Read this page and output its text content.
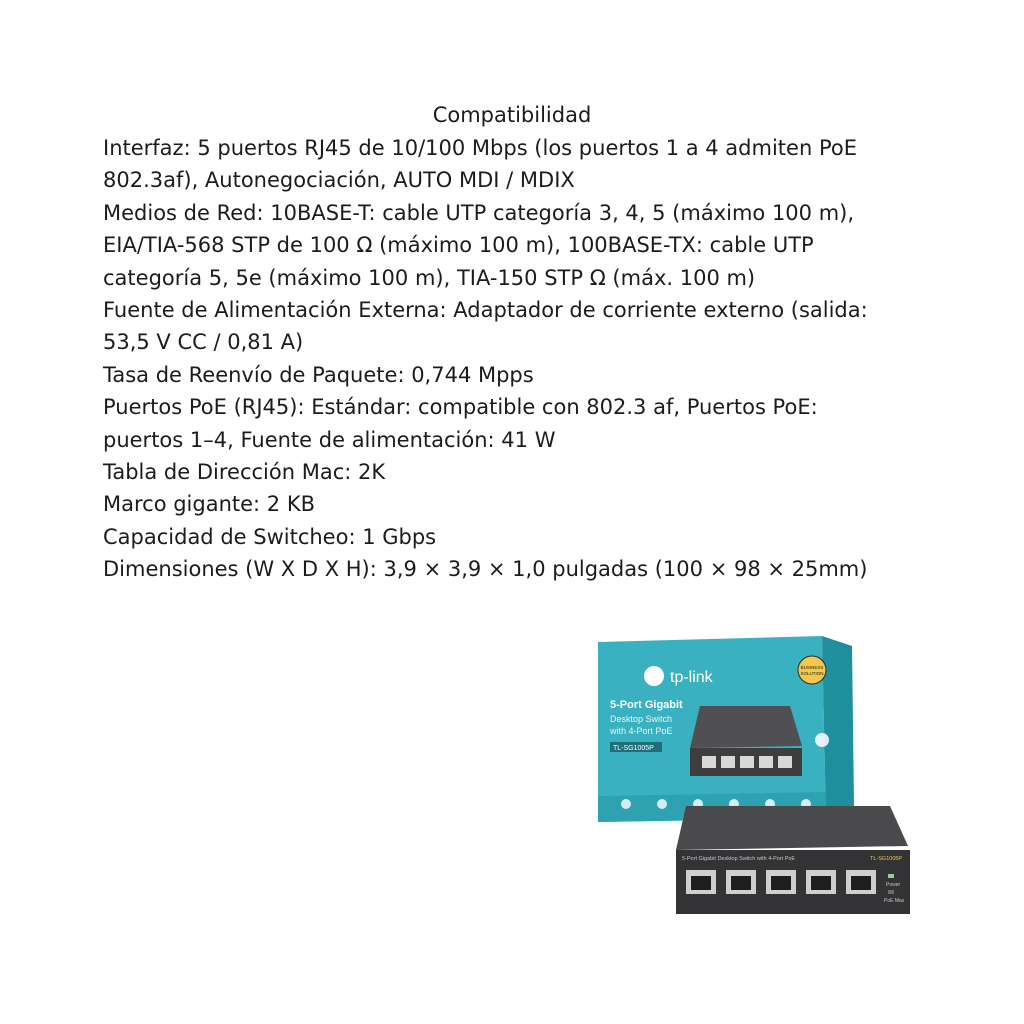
Compatibilidad

Interfaz: 5 puertos RJ45 de 10/100 Mbps (los puertos 1 a 4 admiten PoE 802.3af), Autonegociación, AUTO MDI / MDIX

Medios de Red: 10BASE-T: cable UTP categoría 3, 4, 5 (máximo 100 m), EIA/TIA-568 STP de 100 Ω (máximo 100 m), 100BASE-TX: cable UTP categoría 5, 5e (máximo 100 m), TIA-150 STP Ω (máx. 100 m)

Fuente de Alimentación Externa: Adaptador de corriente externo (salida: 53,5 V CC / 0,81 A)

Tasa de Reenvío de Paquete: 0,744 Mpps

Puertos PoE (RJ45): Estándar: compatible con 802.3 af, Puertos PoE: puertos 1–4, Fuente de alimentación: 41 W

Tabla de Dirección Mac: 2K

Marco gigante: 2 KB

Capacidad de Switcheo: 1 Gbps

Dimensiones (W X D X H): 3,9 × 3,9 × 1,0 pulgadas (100 × 98 × 25mm)

tp-link
5-Port Gigabit
Desktop Switch
with 4-Port PoE
TL-SG1005P
BUSINESS
SOLUTION
5-Port Gigabit Desktop Switch with 4-Port PoE	TL-SG1005P
Power
PoE Max
